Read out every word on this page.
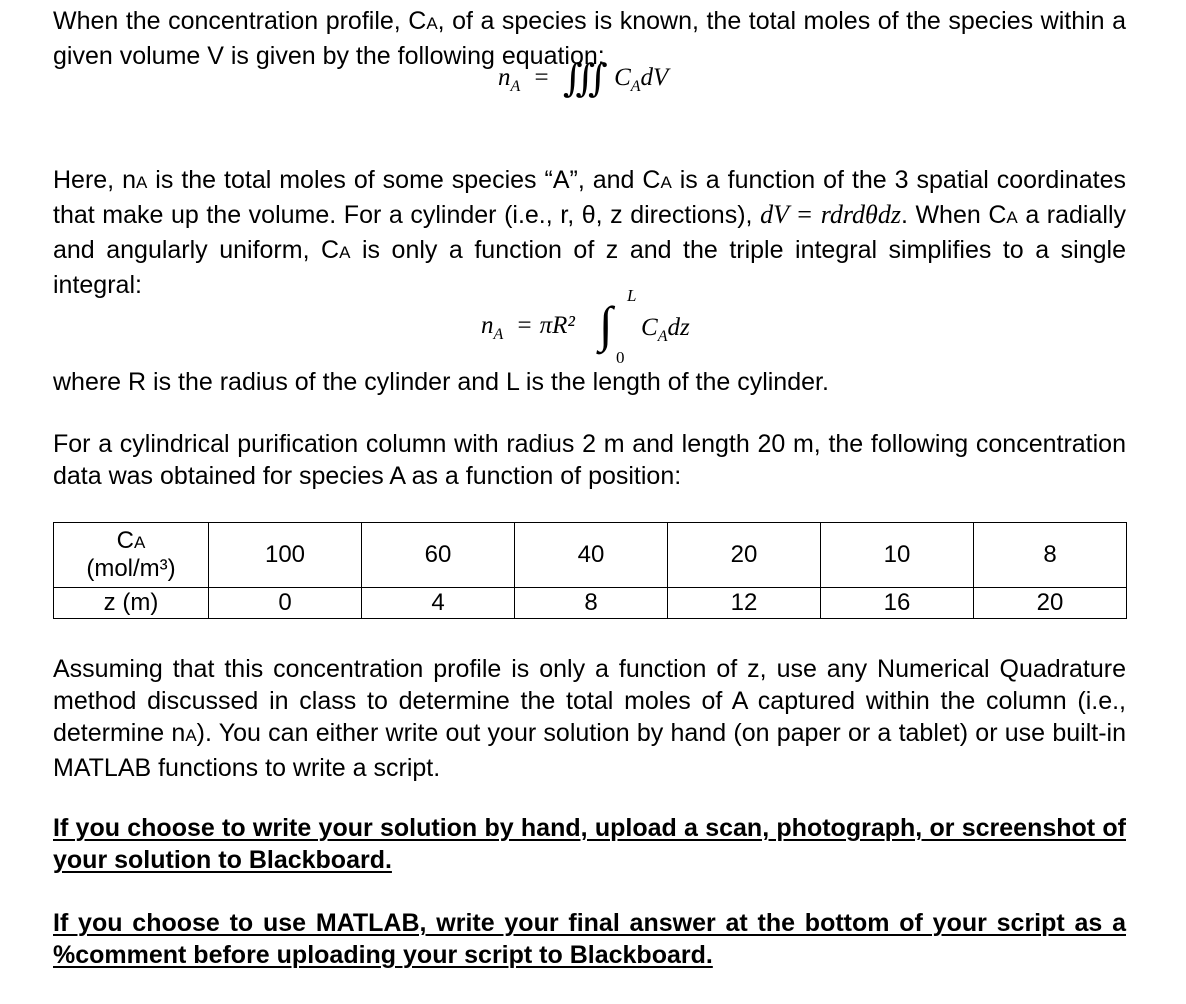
When the concentration profile, CA, of a species is known, the total moles of the species within a given volume V is given by the following equation:

$n_A$ = ∭ $C_AdV$

Here, nA is the total moles of some species “A”, and CA is a function of the 3 spatial coordinates that make up the volume. For a cylinder (i.e., r, θ, z directions), dV = rdrdθdz. When CA a radially and angularly uniform, CA is only a function of z and the triple integral simplifies to a single integral:

$n_A = \pi R^2$ ∫
L
0
$C_Adz$

where R is the radius of the cylinder and L is the length of the cylinder.

For a cylindrical purification column with radius 2 m and length 20 m, the following concentration data was obtained for species A as a function of position:

CA
(mol/m³)	100	60	40	20	10	8
z (m)	0	4	8	12	16	20

Assuming that this concentration profile is only a function of z, use any Numerical Quadrature method discussed in class to determine the total moles of A captured within the column (i.e., determine nA). You can either write out your solution by hand (on paper or a tablet) or use built-in MATLAB functions to write a script.

If you choose to write your solution by hand, upload a scan, photograph, or screenshot of your solution to Blackboard.

If you choose to use MATLAB, write your final answer at the bottom of your script as a %comment before uploading your script to Blackboard.
